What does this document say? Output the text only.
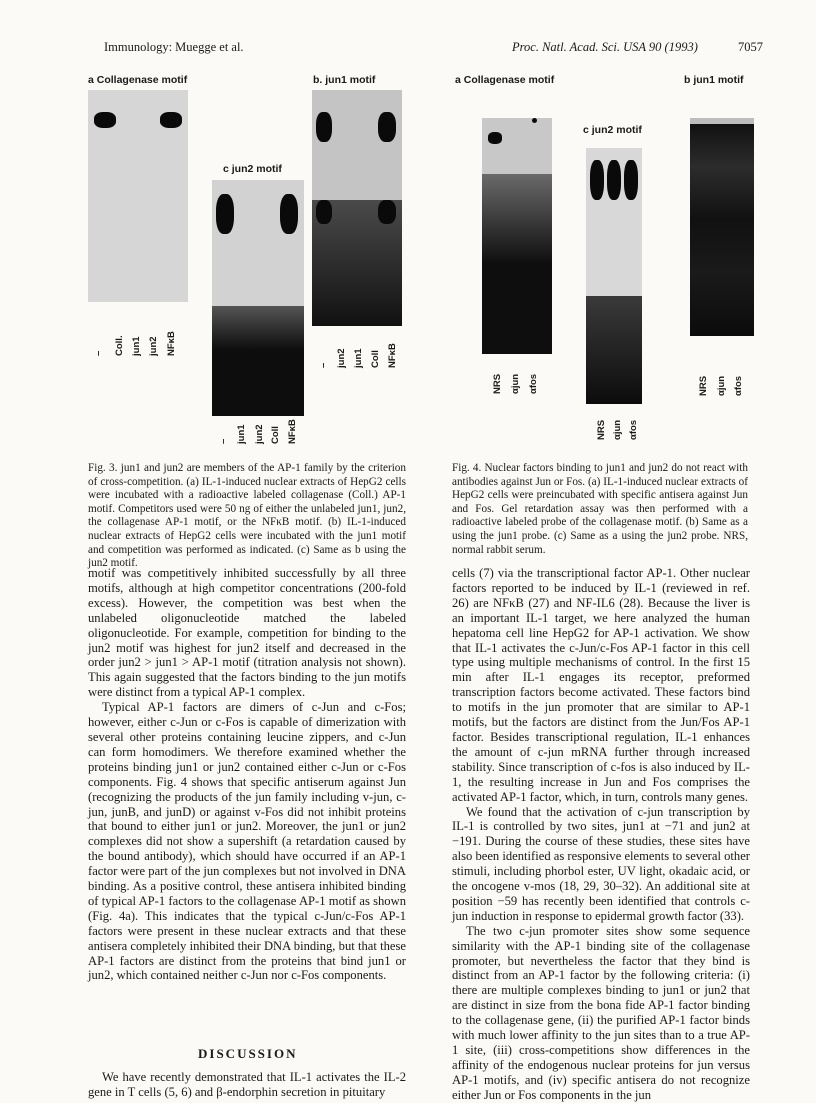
Immunology: Muegge et al.	Proc. Natl. Acad. Sci. USA 90 (1993)	7057
a Collagenase motif	b. jun1 motif
c jun2 motif
– Coll. jun1 jun2 NFκB
– jun2 jun1 Coll NFκB
– jun1 jun2 Coll NFκB
Fig. 3. jun1 and jun2 are members of the AP-1 family by the criterion of cross-competition. (a) IL-1-induced nuclear extracts of HepG2 cells were incubated with a radioactive labeled collagenase (Coll.) AP-1 motif. Competitors used were 50 ng of either the unlabeled jun1, jun2, the collagenase AP-1 motif, or the NFκB motif. (b) IL-1-induced nuclear extracts of HepG2 cells were incubated with the jun1 motif and competition was performed as indicated. (c) Same as b using the jun2 motif.
a Collagenase motif	b jun1 motif
c jun2 motif
NRS αjun αfos
NRS αjun αfos
NRS αjun αfos
Fig. 4. Nuclear factors binding to jun1 and jun2 do not react with antibodies against Jun or Fos. (a) IL-1-induced nuclear extracts of HepG2 cells were preincubated with specific antisera against Jun and Fos. Gel retardation assay was then performed with a radioactive labeled probe of the collagenase motif. (b) Same as a using the jun1 probe. (c) Same as a using the jun2 probe. NRS, normal rabbit serum.

motif was competitively inhibited successfully by all three motifs, although at high competitor concentrations (200-fold excess). However, the competition was best when the unlabeled oligonucleotide matched the labeled oligonucleotide. For example, competition for binding to the jun2 motif was highest for jun2 itself and decreased in the order jun2 > jun1 > AP-1 motif (titration analysis not shown). This again suggested that the factors binding to the jun motifs were distinct from a typical AP-1 complex.

Typical AP-1 factors are dimers of c-Jun and c-Fos; however, either c-Jun or c-Fos is capable of dimerization with several other proteins containing leucine zippers, and c-Jun can form homodimers. We therefore examined whether the proteins binding jun1 or jun2 contained either c-Jun or c-Fos components. Fig. 4 shows that specific antiserum against Jun (recognizing the products of the jun family including v-jun, c-jun, junB, and junD) or against v-Fos did not inhibit proteins that bound to either jun1 or jun2. Moreover, the jun1 or jun2 complexes did not show a supershift (a retardation caused by the bound antibody), which should have occurred if an AP-1 factor were part of the jun complexes but not involved in DNA binding. As a positive control, these antisera inhibited binding of typical AP-1 factors to the collagenase AP-1 motif as shown (Fig. 4a). This indicates that the typical c-Jun/c-Fos AP-1 factors were present in these nuclear extracts and that these antisera completely inhibited their DNA binding, but that these AP-1 factors are distinct from the proteins that bind jun1 or jun2, which contained neither c-Jun nor c-Fos components.

DISCUSSION

We have recently demonstrated that IL-1 activates the IL-2 gene in T cells (5, 6) and β-endorphin secretion in pituitary

cells (7) via the transcriptional factor AP-1. Other nuclear factors reported to be induced by IL-1 (reviewed in ref. 26) are NFκB (27) and NF-IL6 (28). Because the liver is an important IL-1 target, we here analyzed the human hepatoma cell line HepG2 for AP-1 activation. We show that IL-1 activates the c-Jun/c-Fos AP-1 factor in this cell type using multiple mechanisms of control. In the first 15 min after IL-1 engages its receptor, preformed transcription factors become activated. These factors bind to motifs in the jun promoter that are similar to AP-1 motifs, but the factors are distinct from the Jun/Fos AP-1 factor. Besides transcriptional regulation, IL-1 enhances the amount of c-jun mRNA further through increased stability. Since transcription of c-fos is also induced by IL-1, the resulting increase in Jun and Fos comprises the activated AP-1 factor, which, in turn, controls many genes.

We found that the activation of c-jun transcription by IL-1 is controlled by two sites, jun1 at −71 and jun2 at −191. During the course of these studies, these sites have also been identified as responsive elements to several other stimuli, including phorbol ester, UV light, okadaic acid, or the oncogene v-mos (18, 29, 30–32). An additional site at position −59 has recently been identified that controls c-jun induction in response to epidermal growth factor (33).

The two c-jun promoter sites show some sequence similarity with the AP-1 binding site of the collagenase promoter, but nevertheless the factor that they bind is distinct from an AP-1 factor by the following criteria: (i) there are multiple complexes binding to jun1 or jun2 that are distinct in size from the bona fide AP-1 factor binding to the collagenase gene, (ii) the purified AP-1 factor binds with much lower affinity to the jun sites than to a true AP-1 site, (iii) cross-competitions show differences in the affinity of the endogenous nuclear proteins for jun versus AP-1 motifs, and (iv) specific antisera do not recognize either Jun or Fos components in the jun
